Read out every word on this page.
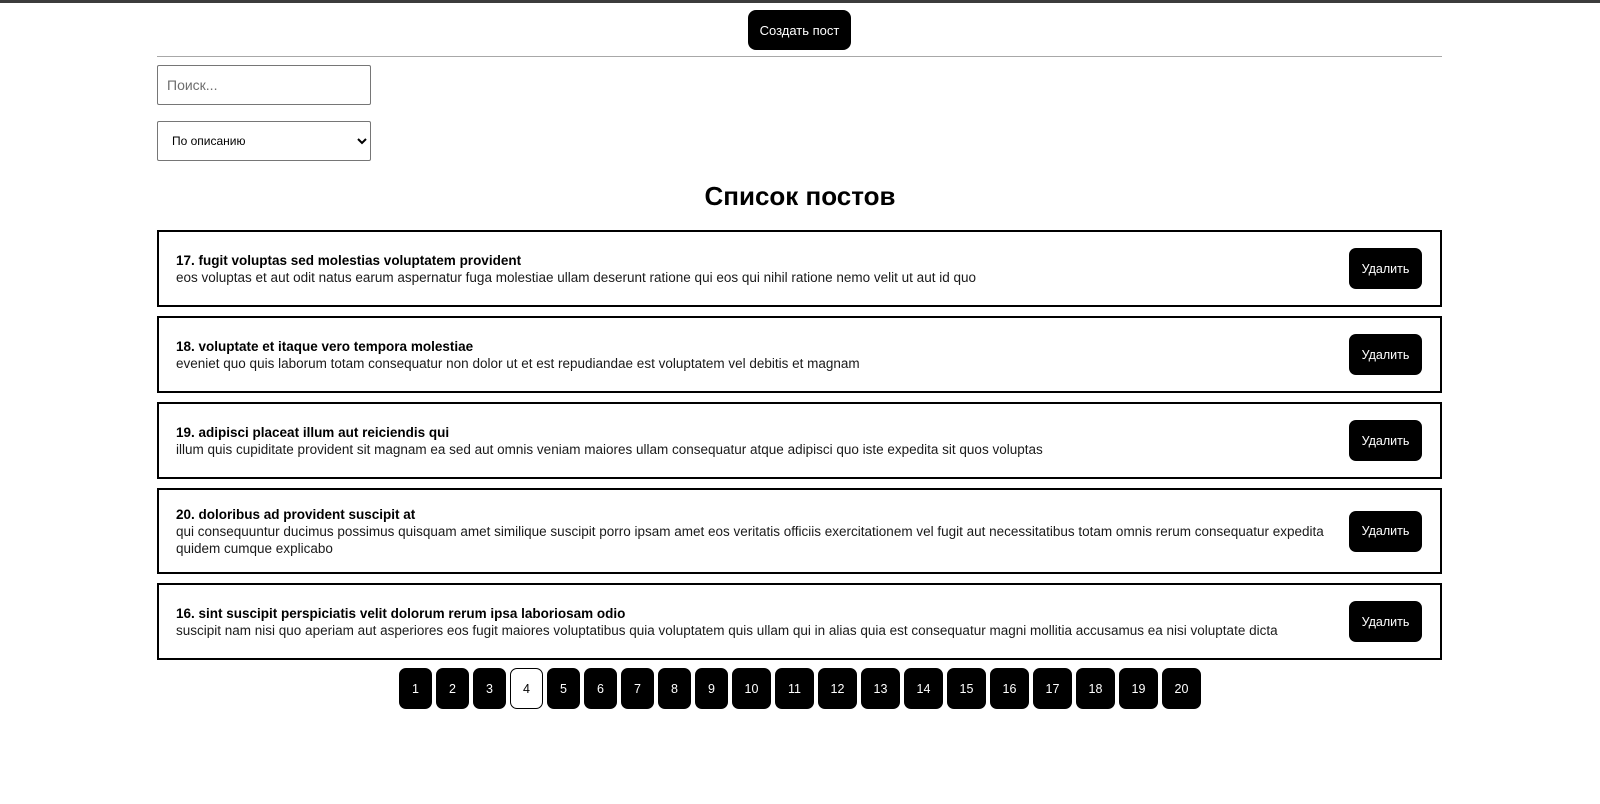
Создать пост
Поиск...
По описанию
Список постов
17. fugit voluptas sed molestias voluptatem provident
eos voluptas et aut odit natus earum aspernatur fuga molestiae ullam deserunt ratione qui eos qui nihil ratione nemo velit ut aut id quo
Удалить
18. voluptate et itaque vero tempora molestiae
eveniet quo quis laborum totam consequatur non dolor ut et est repudiandae est voluptatem vel debitis et magnam
Удалить
19. adipisci placeat illum aut reiciendis qui
illum quis cupiditate provident sit magnam ea sed aut omnis veniam maiores ullam consequatur atque adipisci quo iste expedita sit quos voluptas
Удалить
20. doloribus ad provident suscipit at
qui consequuntur ducimus possimus quisquam amet similique suscipit porro ipsam amet eos veritatis officiis exercitationem vel fugit aut necessitatibus totam omnis rerum consequatur expedita quidem cumque explicabo
Удалить
16. sint suscipit perspiciatis velit dolorum rerum ipsa laboriosam odio
suscipit nam nisi quo aperiam aut asperiores eos fugit maiores voluptatibus quia voluptatem quis ullam qui in alias quia est consequatur magni mollitia accusamus ea nisi voluptate dicta
Удалить
1	2	3	4	5	6	7	8	9	10	11	12	13	14	15	16	17	18	19	20
